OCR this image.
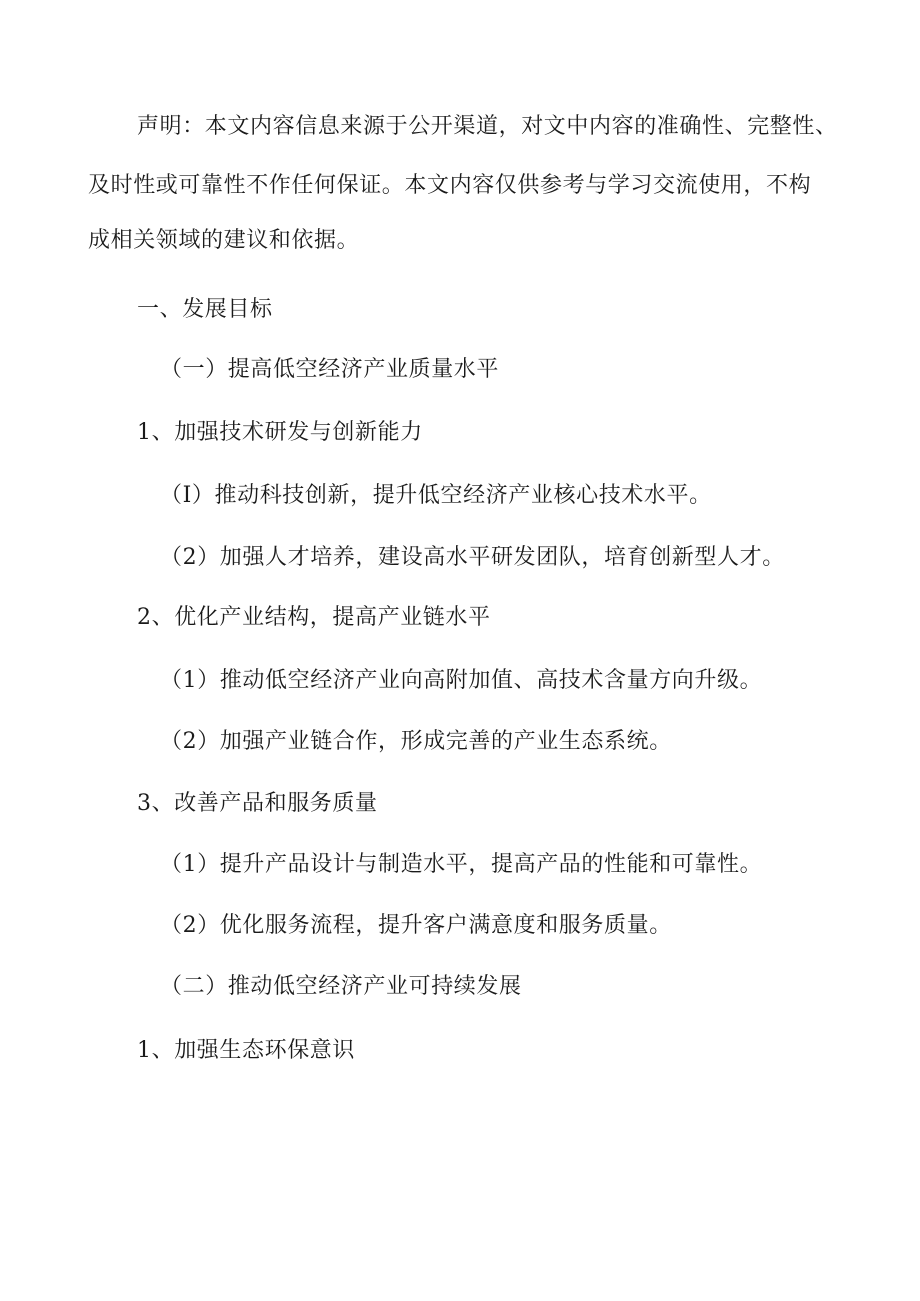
声明：本文内容信息来源于公开渠道，对文中内容的准确性、完整性、
及时性或可靠性不作任何保证。本文内容仅供参考与学习交流使用，不构
成相关领域的建议和依据。
一、发展目标
（一）提高低空经济产业质量水平
1、加强技术研发与创新能力
（I）推动科技创新，提升低空经济产业核心技术水平。
（2）加强人才培养，建设高水平研发团队，培育创新型人才。
2、优化产业结构，提高产业链水平
（1）推动低空经济产业向高附加值、高技术含量方向升级。
（2）加强产业链合作，形成完善的产业生态系统。
3、改善产品和服务质量
（1）提升产品设计与制造水平，提高产品的性能和可靠性。
（2）优化服务流程，提升客户满意度和服务质量。
（二）推动低空经济产业可持续发展
1、加强生态环保意识
